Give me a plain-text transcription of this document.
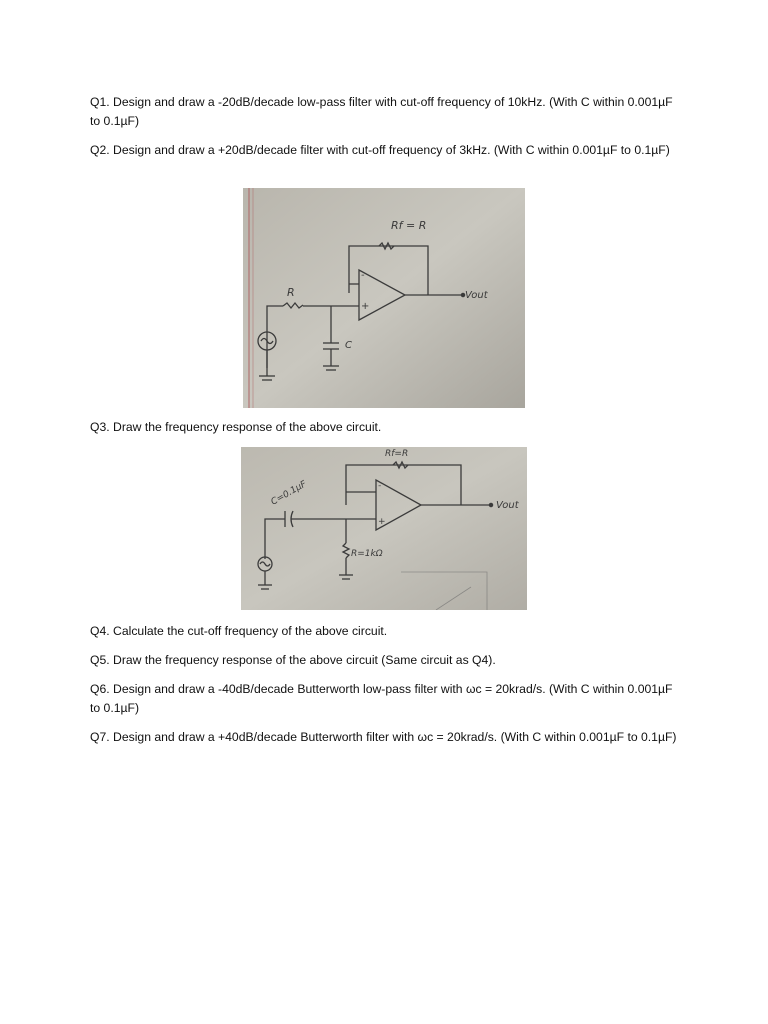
Q1. Design and draw a -20dB/decade low-pass filter with cut-off frequency of 10kHz. (With C within 0.001µF to 0.1µF)

Q2. Design and draw a +20dB/decade filter with cut-off frequency of 3kHz. (With C within 0.001µF to 0.1µF)

-
+
Rf = R
R
C
Vout

Q3. Draw the frequency response of the above circuit.

-
+
Rf=R
C=0.1µF
R=1kΩ
Vout

Q4. Calculate the cut-off frequency of the above circuit.

Q5. Draw the frequency response of the above circuit (Same circuit as Q4).

Q6. Design and draw a -40dB/decade Butterworth low-pass filter with ωc = 20krad/s. (With C within 0.001µF to 0.1µF)

Q7. Design and draw a +40dB/decade Butterworth filter with ωc = 20krad/s. (With C within 0.001µF to 0.1µF)
